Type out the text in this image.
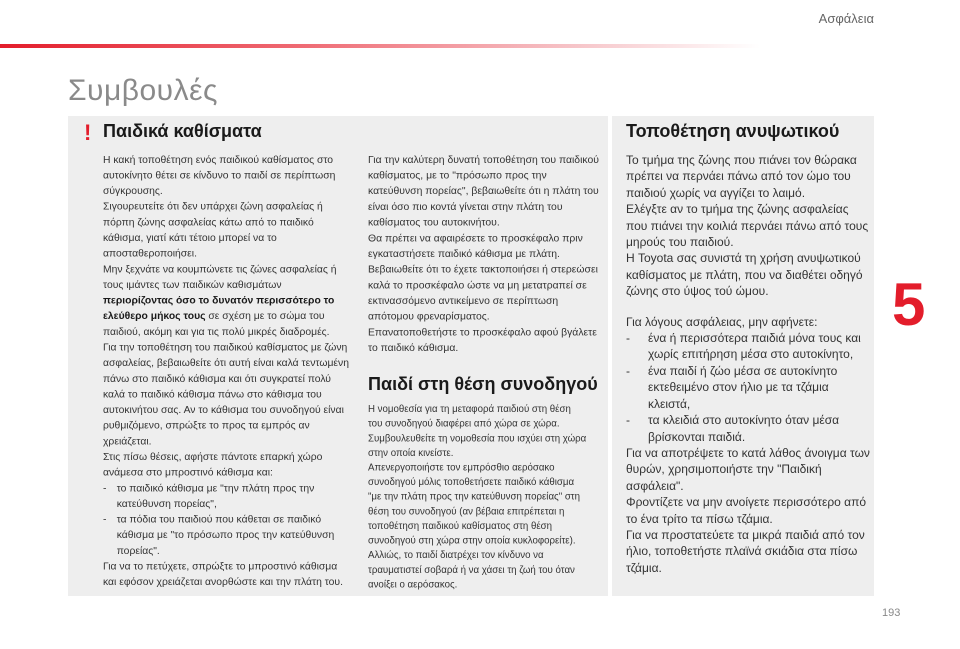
Ασφάλεια
Συμβουλές
! Παιδικά καθίσματα

Η κακή τοποθέτηση ενός παιδικού καθίσματος στο αυτοκίνητο θέτει σε κίνδυνο το παιδί σε περίπτωση σύγκρουσης.

Σιγουρευτείτε ότι δεν υπάρχει ζώνη ασφαλείας ή πόρπη ζώνης ασφαλείας κάτω από το παιδικό κάθισμα, γιατί κάτι τέτοιο μπορεί να το αποσταθεροποιήσει.

Μην ξεχνάτε να κουμπώνετε τις ζώνες ασφαλείας ή τους ιμάντες των παιδικών καθισμάτων περιορίζοντας όσο το δυνατόν περισσότερο το ελεύθερο μήκος τους σε σχέση με το σώμα του παιδιού, ακόμη και για τις πολύ μικρές διαδρομές.

Για την τοποθέτηση του παιδικού καθίσματος με ζώνη ασφαλείας, βεβαιωθείτε ότι αυτή είναι καλά τεντωμένη πάνω στο παιδικό κάθισμα και ότι συγκρατεί πολύ καλά το παιδικό κάθισμα πάνω στο κάθισμα του αυτοκινήτου σας. Αν το κάθισμα του συνοδηγού είναι ρυθμιζόμενο, σπρώξτε το προς τα εμπρός αν χρειάζεται.

Στις πίσω θέσεις, αφήστε πάντοτε επαρκή χώρο ανάμεσα στο μπροστινό κάθισμα και:

- το παιδικό κάθισμα με "την πλάτη προς την κατεύθυνση πορείας",
- τα πόδια του παιδιού που κάθεται σε παιδικό κάθισμα με "το πρόσωπο προς την κατεύθυνση πορείας".

Για να το πετύχετε, σπρώξτε το μπροστινό κάθισμα και εφόσον χρειάζεται ανορθώστε και την πλάτη του.

Για την καλύτερη δυνατή τοποθέτηση του παιδικού καθίσματος, με το "πρόσωπο προς την κατεύθυνση πορείας", βεβαιωθείτε ότι η πλάτη του είναι όσο πιο κοντά γίνεται στην πλάτη του καθίσματος του αυτοκινήτου.

Θα πρέπει να αφαιρέσετε το προσκέφαλο πριν εγκαταστήσετε παιδικό κάθισμα με πλάτη.

Βεβαιωθείτε ότι το έχετε τακτοποιήσει ή στερεώσει καλά το προσκέφαλο ώστε να μη μετατραπεί σε εκτινασσόμενο αντικείμενο σε περίπτωση απότομου φρεναρίσματος.

Επανατοποθετήστε το προσκέφαλο αφού βγάλετε το παιδικό κάθισμα.

Παιδί στη θέση συνοδηγού

Η νομοθεσία για τη μεταφορά παιδιού στη θέση του συνοδηγού διαφέρει από χώρα σε χώρα. Συμβουλευθείτε τη νομοθεσία που ισχύει στη χώρα στην οποία κινείστε.

Απενεργοποιήστε τον εμπρόσθιο αερόσακο συνοδηγού μόλις τοποθετήσετε παιδικό κάθισμα "με την πλάτη προς την κατεύθυνση πορείας" στη θέση του συνοδηγού (αν βέβαια επιτρέπεται η τοποθέτηση παιδικού καθίσματος στη θέση συνοδηγού στη χώρα στην οποία κυκλοφορείτε). Αλλιώς, το παιδί διατρέχει τον κίνδυνο να τραυματιστεί σοβαρά ή να χάσει τη ζωή του όταν ανοίξει ο αερόσακος.

Τοποθέτηση ανυψωτικού

Το τμήμα της ζώνης που πιάνει τον θώρακα πρέπει να περνάει πάνω από τον ώμο του παιδιού χωρίς να αγγίζει το λαιμό.

Ελέγξτε αν το τμήμα της ζώνης ασφαλείας που πιάνει την κοιλιά περνάει πάνω από τους μηρούς του παιδιού.

Η Toyota σας συνιστά τη χρήση ανυψωτικού καθίσματος με πλάτη, που να διαθέτει οδηγό ζώνης στο ύψος τού ώμου.

Για λόγους ασφάλειας, μην αφήνετε:

-	ένα ή περισσότερα παιδιά μόνα τους και χωρίς επιτήρηση μέσα στο αυτοκίνητο,
-	ένα παιδί ή ζώο μέσα σε αυτοκίνητο εκτεθειμένο στον ήλιο με τα τζάμια κλειστά,
-	τα κλειδιά στο αυτοκίνητο όταν μέσα βρίσκονται παιδιά.

Για να αποτρέψετε το κατά λάθος άνοιγμα των θυρών, χρησιμοποιήστε την "Παιδική ασφάλεια".

Φροντίζετε να μην ανοίγετε περισσότερο από το ένα τρίτο τα πίσω τζάμια.

Για να προστατεύετε τα μικρά παιδιά από τον ήλιο, τοποθετήστε πλαϊνά σκιάδια στα πίσω τζάμια.

5
193
